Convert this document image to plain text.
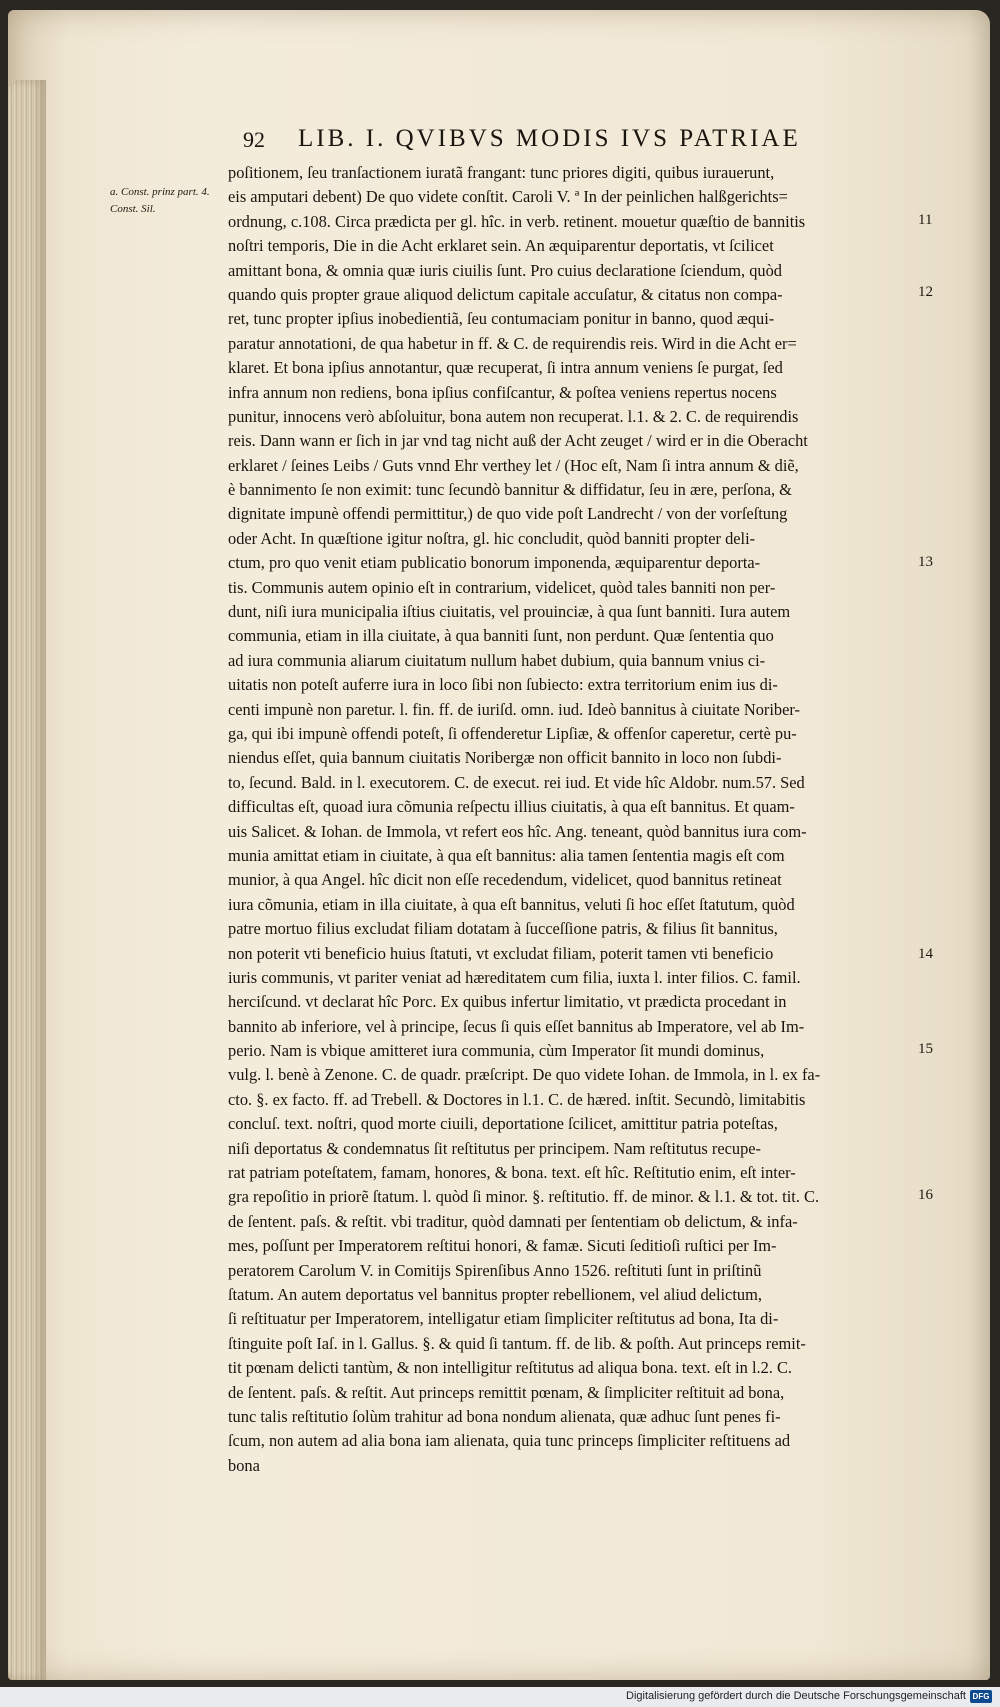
92 LIB. I. QVIBVS MODIS IVS PATRIAE
a. Const. prinz part. 4.
Const. Sil.
poſitionem, ſeu tranſactionem iuratã frangant: tunc priores digiti, quibus iurauerunt,
eis amputari debent) De quo videte conſtit. Caroli V. ª In der peinlichen halßgerichts=
ordnung, c.108. Circa prædicta per gl. hîc. in verb. retinent. mouetur quæſtio de bannitis
noſtri temporis, Die in die Acht erklaret sein. An æquiparentur deportatis, vt ſcilicet
amittant bona, & omnia quæ iuris ciuilis ſunt. Pro cuius declaratione ſciendum, quòd
quando quis propter graue aliquod delictum capitale accuſatur, & citatus non compa-
ret, tunc propter ipſius inobedientiã, ſeu contumaciam ponitur in banno, quod æqui-
paratur annotationi, de qua habetur in ff. & C. de requirendis reis. Wird in die Acht er=
klaret. Et bona ipſius annotantur, quæ recuperat, ſi intra annum veniens ſe purgat, ſed
infra annum non rediens, bona ipſius confiſcantur, & poſtea veniens repertus nocens
punitur, innocens verò abſoluitur, bona autem non recuperat. l.1. & 2. C. de requirendis
reis. Dann wann er ſich in jar vnd tag nicht auß der Acht zeuget / wird er in die Oberacht
erklaret / ſeines Leibs / Guts vnnd Ehr verthey let / (Hoc eſt, Nam ſi intra annum & diẽ,
è bannimento ſe non eximit: tunc ſecundò bannitur & diffidatur, ſeu in ære, perſona, &
dignitate impunè offendi permittitur,) de quo vide poſt Landrecht / von der vorſeſtung
oder Acht. In quæſtione igitur noſtra, gl. hic concludit, quòd banniti propter deli-
ctum, pro quo venit etiam publicatio bonorum imponenda, æquiparentur deporta-
tis. Communis autem opinio eſt in contrarium, videlicet, quòd tales banniti non per-
dunt, niſi iura municipalia iſtius ciuitatis, vel prouinciæ, à qua ſunt banniti. Iura autem
communia, etiam in illa ciuitate, à qua banniti ſunt, non perdunt. Quæ ſententia quo
ad iura communia aliarum ciuitatum nullum habet dubium, quia bannum vnius ci-
uitatis non poteſt auferre iura in loco ſibi non ſubiecto: extra territorium enim ius di-
centi impunè non paretur. l. fin. ff. de iuriſd. omn. iud. Ideò bannitus à ciuitate Noriber-
ga, qui ibi impunè offendi poteſt, ſi offenderetur Lipſiæ, & offenſor caperetur, certè pu-
niendus eſſet, quia bannum ciuitatis Noribergæ non officit bannito in loco non ſubdi-
to, ſecund. Bald. in l. executorem. C. de execut. rei iud. Et vide hîc Aldobr. num.57. Sed
difficultas eſt, quoad iura cõmunia reſpectu illius ciuitatis, à qua eſt bannitus. Et quam-
uis Salicet. & Iohan. de Immola, vt refert eos hîc. Ang. teneant, quòd bannitus iura com-
munia amittat etiam in ciuitate, à qua eſt bannitus: alia tamen ſententia magis eſt com
munior, à qua Angel. hîc dicit non eſſe recedendum, videlicet, quod bannitus retineat
iura cõmunia, etiam in illa ciuitate, à qua eſt bannitus, veluti ſi hoc eſſet ſtatutum, quòd
patre mortuo filius excludat filiam dotatam à ſucceſſione patris, & filius ſit bannitus,
non poterit vti beneficio huius ſtatuti, vt excludat filiam, poterit tamen vti beneficio
iuris communis, vt pariter veniat ad hæreditatem cum filia, iuxta l. inter filios. C. famil.
herciſcund. vt declarat hîc Porc. Ex quibus infertur limitatio, vt prædicta procedant in
bannito ab inferiore, vel à principe, ſecus ſi quis eſſet bannitus ab Imperatore, vel ab Im-
perio. Nam is vbique amitteret iura communia, cùm Imperator ſit mundi dominus,
vulg. l. benè à Zenone. C. de quadr. præſcript. De quo videte Iohan. de Immola, in l. ex fa-
cto. §. ex facto. ff. ad Trebell. & Doctores in l.1. C. de hæred. inſtit. Secundò, limitabitis
concluſ. text. noſtri, quod morte ciuili, deportatione ſcilicet, amittitur patria poteſtas,
niſi deportatus & condemnatus ſit reſtitutus per principem. Nam reſtitutus recupe-
rat patriam poteſtatem, famam, honores, & bona. text. eſt hîc. Reſtitutio enim, eſt inter-
gra repoſitio in priorẽ ſtatum. l. quòd ſi minor. §. reſtitutio. ff. de minor. & l.1. & tot. tit. C.
de ſentent. paſs. & reſtit. vbi traditur, quòd damnati per ſententiam ob delictum, & infa-
mes, poſſunt per Imperatorem reſtitui honori, & famæ. Sicuti ſeditioſi ruſtici per Im-
peratorem Carolum V. in Comitijs Spirenſibus Anno 1526. reſtituti ſunt in priſtinũ
ſtatum. An autem deportatus vel bannitus propter rebellionem, vel aliud delictum,
ſi reſtituatur per Imperatorem, intelligatur etiam ſimpliciter reſtitutus ad bona, Ita di-
ſtinguite poſt Iaſ. in l. Gallus. §. & quid ſi tantum. ff. de lib. & poſth. Aut princeps remit-
tit pœnam delicti tantùm, & non intelligitur reſtitutus ad aliqua bona. text. eſt in l.2. C.
de ſentent. paſs. & reſtit. Aut princeps remittit pœnam, & ſimpliciter reſtituit ad bona,
tunc talis reſtitutio ſolùm trahitur ad bona nondum alienata, quæ adhuc ſunt penes fi-
ſcum, non autem ad alia bona iam alienata, quia tunc princeps ſimpliciter reſtituens ad
bona
11
12
13
14
15
16
Digitalisierung gefördert durch die Deutsche Forschungsgemeinschaft DFG
